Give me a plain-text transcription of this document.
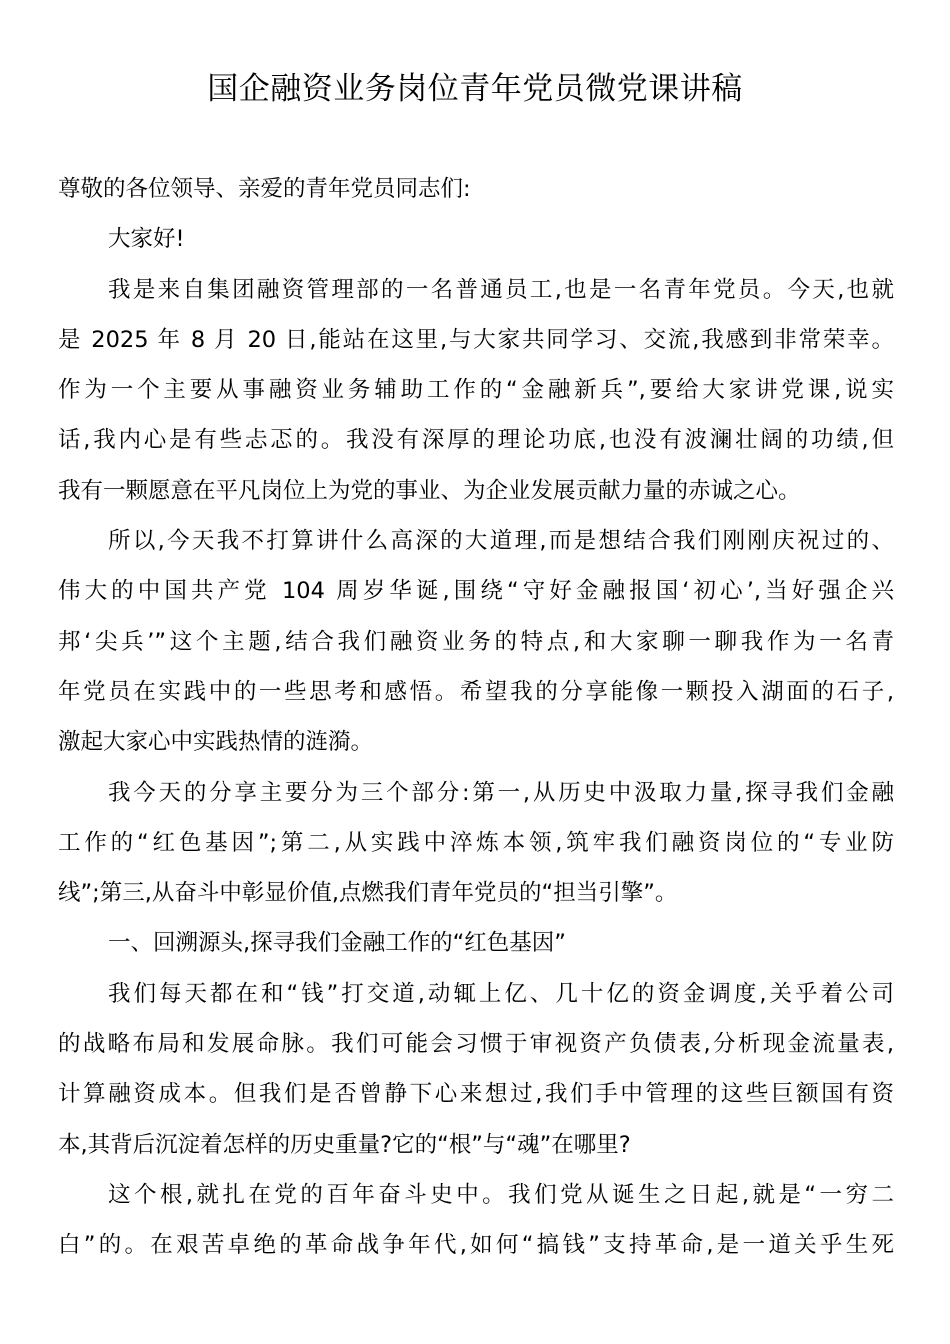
国企融资业务岗位青年党员微党课讲稿
尊敬的各位领导、亲爱的青年党员同志们:
大家好!
我是来自集团融资管理部的一名普通员工,也是一名青年党员。今天,也就
是 2025 年 8 月 20 日,能站在这里,与大家共同学习、交流,我感到非常荣幸。
作为一个主要从事融资业务辅助工作的“金融新兵”,要给大家讲党课,说实
话,我内心是有些忐忑的。我没有深厚的理论功底,也没有波澜壮阔的功绩,但
我有一颗愿意在平凡岗位上为党的事业、为企业发展贡献力量的赤诚之心。
所以,今天我不打算讲什么高深的大道理,而是想结合我们刚刚庆祝过的、
伟大的中国共产党 104 周岁华诞,围绕“守好金融报国‘初心’,当好强企兴
邦‘尖兵’”这个主题,结合我们融资业务的特点,和大家聊一聊我作为一名青
年党员在实践中的一些思考和感悟。希望我的分享能像一颗投入湖面的石子,
激起大家心中实践热情的涟漪。
我今天的分享主要分为三个部分:第一,从历史中汲取力量,探寻我们金融
工作的“红色基因”;第二,从实践中淬炼本领,筑牢我们融资岗位的“专业防
线”;第三,从奋斗中彰显价值,点燃我们青年党员的“担当引擎”。
一、回溯源头,探寻我们金融工作的“红色基因”
我们每天都在和“钱”打交道,动辄上亿、几十亿的资金调度,关乎着公司
的战略布局和发展命脉。我们可能会习惯于审视资产负债表,分析现金流量表,
计算融资成本。但我们是否曾静下心来想过,我们手中管理的这些巨额国有资
本,其背后沉淀着怎样的历史重量?它的“根”与“魂”在哪里?
这个根,就扎在党的百年奋斗史中。我们党从诞生之日起,就是“一穷二
白”的。在艰苦卓绝的革命战争年代,如何“搞钱”支持革命,是一道关乎生死
